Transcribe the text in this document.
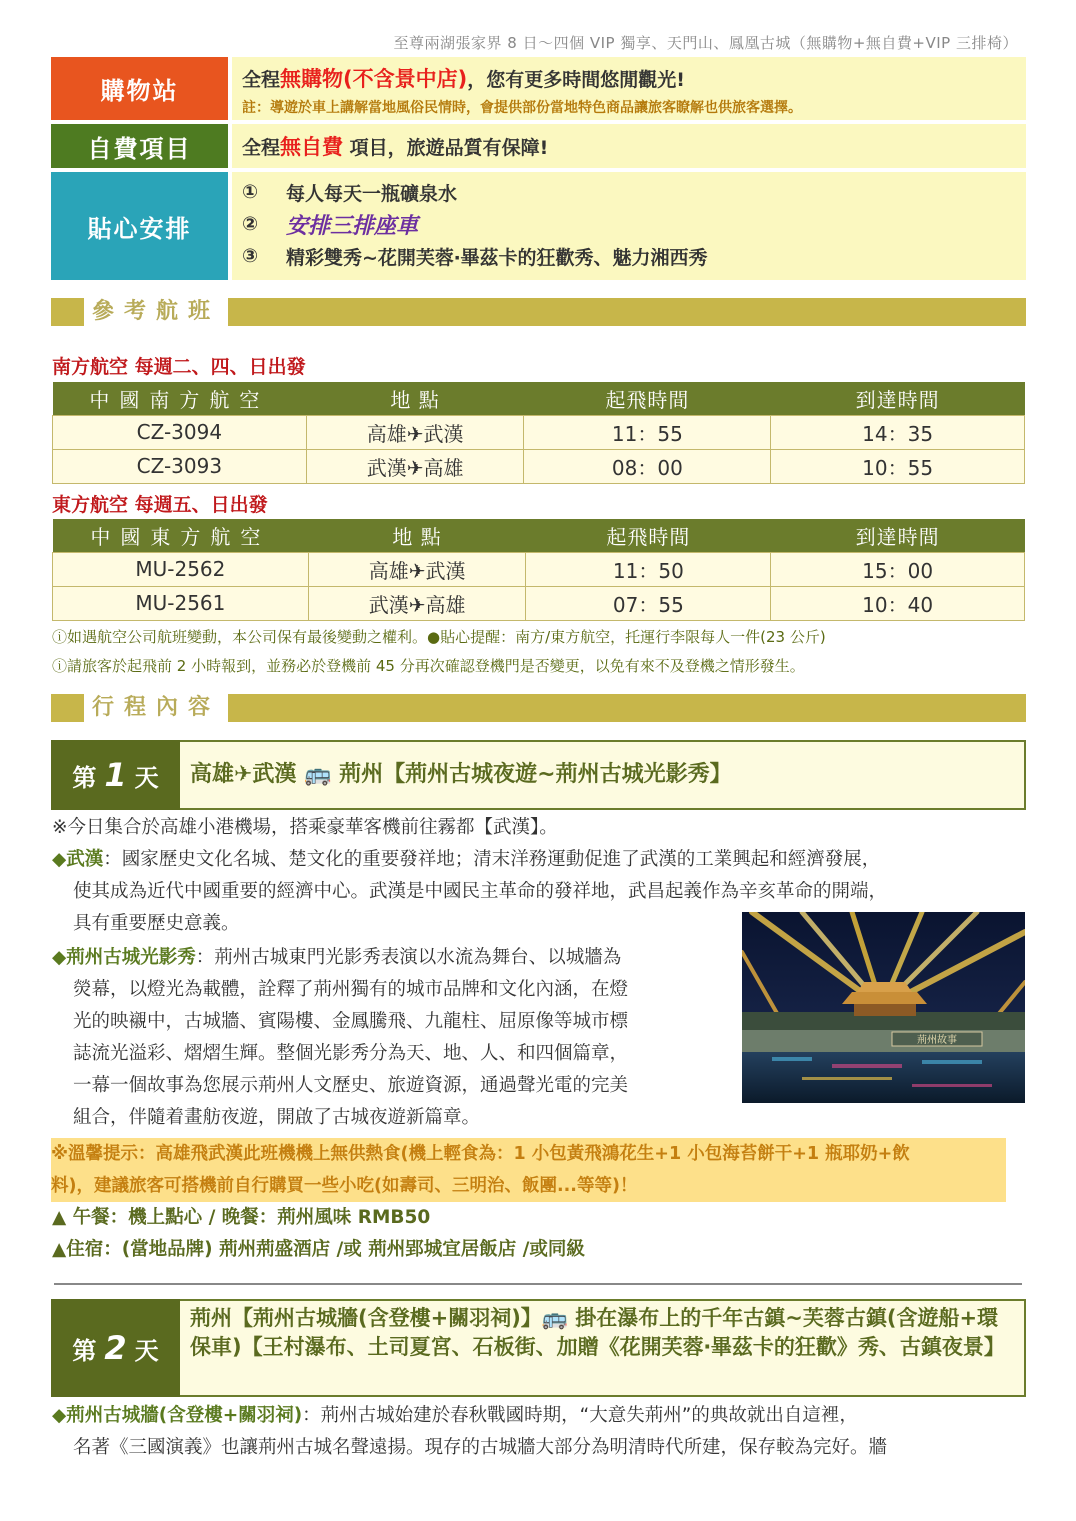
至尊兩湖張家界 8 日～四個 VIP 獨享、天門山、鳳凰古城（無購物+無自費+VIP 三排椅）
購物站	全程無購物(不含景中店)，您有更多時間悠閒觀光!
註：導遊於車上講解當地風俗民情時，會提供部份當地特色商品讓旅客瞭解也供旅客選擇。
自費項目	全程無自費 項目，旅遊品質有保障!
貼心安排
①	每人每天一瓶礦泉水
②	安排三排座車
③	精彩雙秀~花開芙蓉‧畢茲卡的狂歡秀、魅力湘西秀
參考航班
南方航空 每週二、四、日出發
中國南方航空	地 點	起飛時間	到達時間
CZ-3094	高雄✈武漢	11：55	14：35
CZ-3093	武漢✈高雄	08：00	10：55
東方航空 每週五、日出發
中國東方航空	地 點	起飛時間	到達時間
MU-2562	高雄✈武漢	11：50	15：00
MU-2561	武漢✈高雄	07：55	10：40
ⓘ如遇航空公司航班變動，本公司保有最後變動之權利。●貼心提醒：南方/東方航空，托運行李限每人一件(23 公斤)
ⓘ請旅客於起飛前 2 小時報到，並務必於登機前 45 分再次確認登機門是否變更，以免有來不及登機之情形發生。
行程內容
第 1 天	高雄✈武漢 🚌 荊州【荊州古城夜遊~荊州古城光影秀】
※今日集合於高雄小港機場，搭乘豪華客機前往霧都【武漢】。
◆武漢：國家歷史文化名城、楚文化的重要發祥地；清末洋務運動促進了武漢的工業興起和經濟發展，
使其成為近代中國重要的經濟中心。武漢是中國民主革命的發祥地，武昌起義作為辛亥革命的開端，
具有重要歷史意義。
◆荊州古城光影秀：荊州古城東門光影秀表演以水流為舞台、以城牆為
熒幕，以燈光為載體，詮釋了荊州獨有的城市品牌和文化內涵，在燈
光的映襯中，古城牆、賓陽樓、金鳳騰飛、九龍柱、屈原像等城市標
誌流光溢彩、熠熠生輝。整個光影秀分為天、地、人、和四個篇章，
一幕一個故事為您展示荊州人文歷史、旅遊資源，通過聲光電的完美
組合，伴隨着畫舫夜遊，開啟了古城夜遊新篇章。
荊州故事
※溫馨提示：高雄飛武漢此班機機上無供熱食(機上輕食為：1 小包黃飛鴻花生+1 小包海苔餅干+1 瓶耶奶+飲
料)，建議旅客可搭機前自行購買一些小吃(如壽司、三明治、飯團...等等)！
▲ 午餐：機上點心 / 晚餐：荊州風味 RMB50
▲住宿：(當地品牌) 荊州荊盛酒店 /或 荊州郢城宜居飯店 /或同級
第 2 天
荊州【荊州古城牆(含登樓+關羽祠)】🚌 掛在瀑布上的千年古鎮~芙蓉古鎮(含遊船+環保車)【王村瀑布、土司夏宮、石板街、加贈《花開芙蓉‧畢茲卡的狂歡》秀、古鎮夜景】
◆荊州古城牆(含登樓+關羽祠)：荊州古城始建於春秋戰國時期，“大意失荊州”的典故就出自這裡，
名著《三國演義》也讓荊州古城名聲遠揚。現存的古城牆大部分為明清時代所建，保存較為完好。牆
